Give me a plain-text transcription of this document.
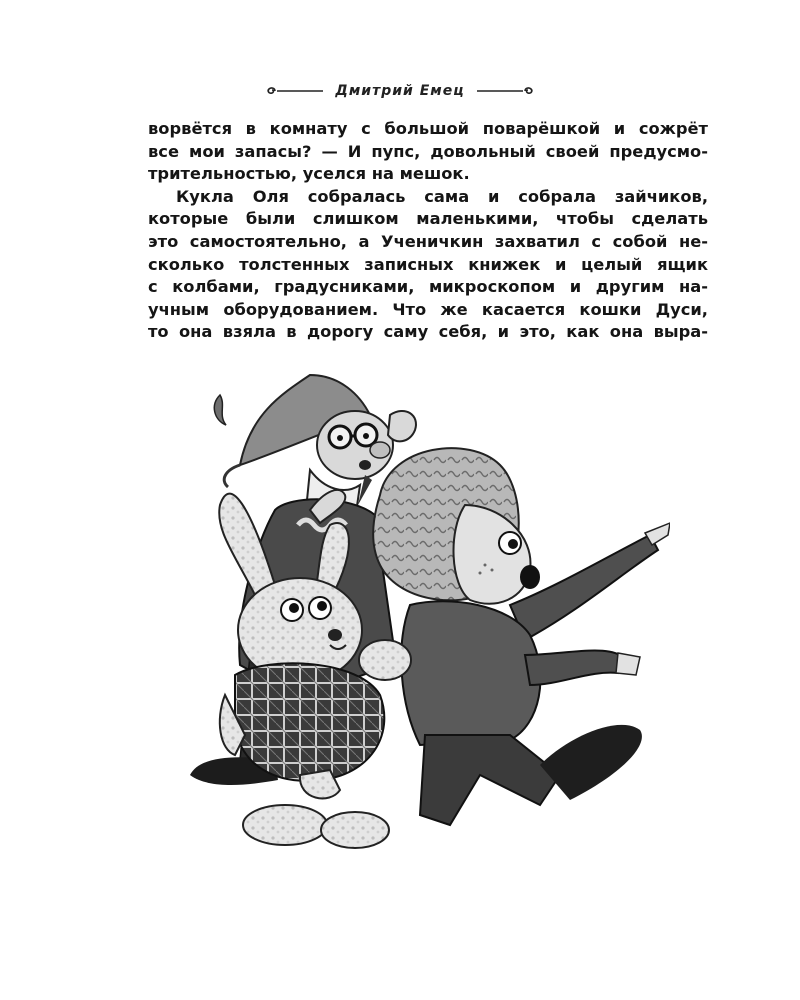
Дмитрий Емец
ворвётся в комнату с большой поварёшкой и сожрёт
все мои запасы? — И пупс, довольный своей предусмо-
трительностью, уселся на мешок.
Кукла Оля собралась сама и собрала зайчиков,
которые были слишком маленькими, чтобы сделать
это самостоятельно, а Ученичкин захватил с собой не-
сколько толстенных записных книжек и целый ящик
с колбами, градусниками, микроскопом и другим на-
учным оборудованием. Что же касается кошки Дуси,
то она взяла в дорогу саму себя, и это, как она выра-
